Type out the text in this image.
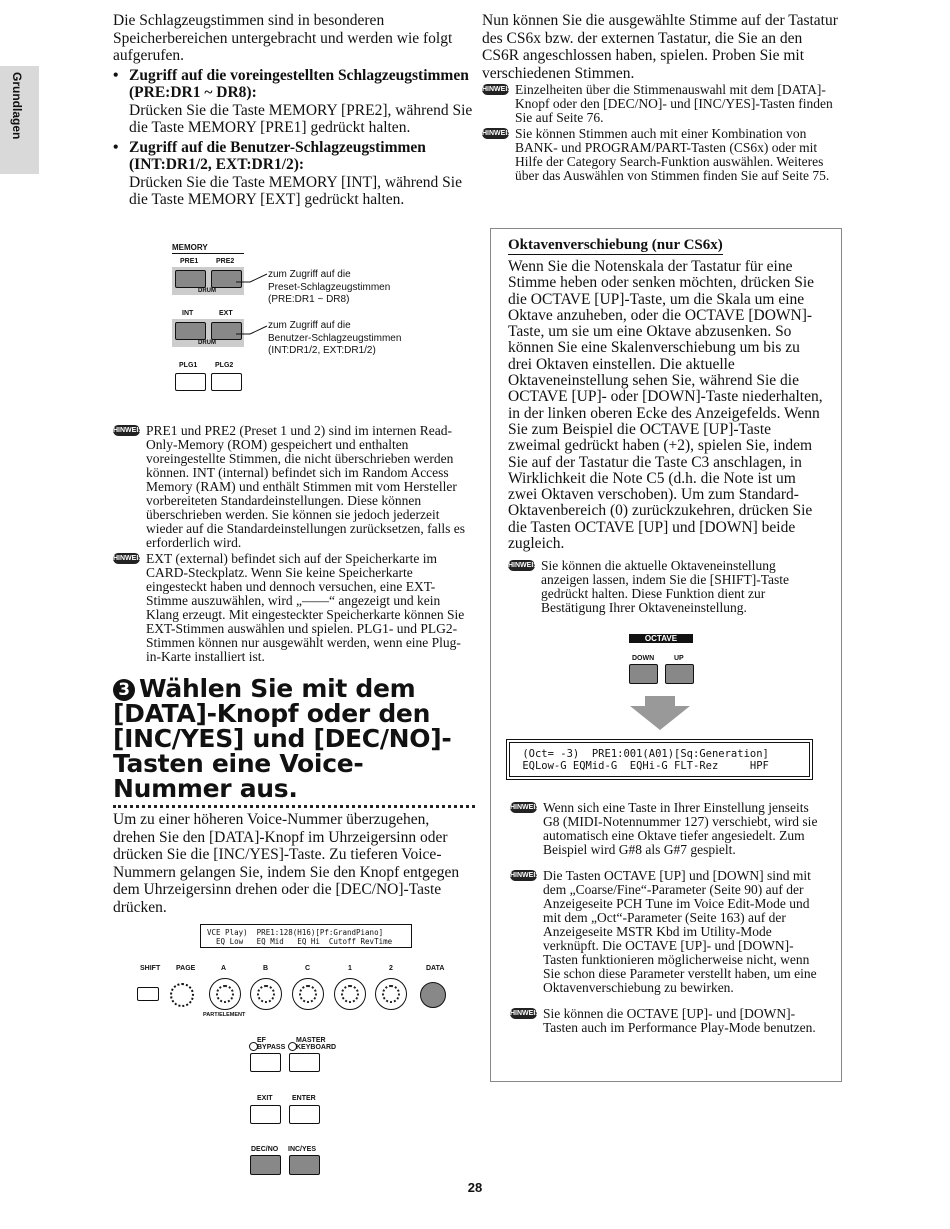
Grundlagen

Die Schlagzeugstimmen sind in besonderen Speicherbereichen untergebracht und werden wie folgt aufgerufen.

• Zugriff auf die voreingestellten Schlagzeugstimmen (PRE:DR1 ~ DR8):

Drücken Sie die Taste MEMORY [PRE2], während Sie die Taste MEMORY [PRE1] gedrückt halten.

• Zugriff auf die Benutzer-Schlagzeugstimmen (INT:DR1/2, EXT:DR1/2):

Drücken Sie die Taste MEMORY [INT], während Sie die Taste MEMORY [EXT] gedrückt halten.

MEMORY
PRE1	PRE2
DRUM
INT	EXT
DRUM
PLG1	PLG2
zum Zugriff auf die
Preset-Schlagzeugstimmen
(PRE:DR1 ~ DR8)
zum Zugriff auf die
Benutzer-Schlagzeugstimmen
(INT:DR1/2, EXT:DR1/2)
HINWEIS PRE1 und PRE2 (Preset 1 und 2) sind im internen Read-Only-Memory (ROM) gespeichert und enthalten voreingestellte Stimmen, die nicht überschrieben werden können. INT (internal) befindet sich im Random Access Memory (RAM) und enthält Stimmen mit vom Hersteller vorbereiteten Standardeinstellungen. Diese können überschrieben werden. Sie können sie jedoch jederzeit wieder auf die Standardeinstellungen zurücksetzen, falls es erforderlich wird.
HINWEIS EXT (external) befindet sich auf der Speicherkarte im CARD-Steckplatz. Wenn Sie keine Speicherkarte eingesteckt haben und dennoch versuchen, eine EXT-Stimme auszuwählen, wird „——“ angezeigt und kein Klang erzeugt. Mit eingesteckter Speicherkarte können Sie EXT-Stimmen auswählen und spielen. PLG1- und PLG2-Stimmen können nur ausgewählt werden, wenn eine Plug-in-Karte installiert ist.
3 Wählen Sie mit dem [DATA]-Knopf oder den [INC/YES] und [DEC/NO]-Tasten eine Voice-Nummer aus.

Um zu einer höheren Voice-Nummer überzugehen, drehen Sie den [DATA]-Knopf im Uhrzeigersinn oder drücken Sie die [INC/YES]-Taste. Zu tieferen Voice-Nummern gelangen Sie, indem Sie den Knopf entgegen dem Uhrzeigersinn drehen oder die [DEC/NO]-Taste drücken.

VCE Play)  PRE1:128(H16)[Pf:GrandPiano]
EQ Low   EQ Mid   EQ Hi  Cutoff RevTime
SHIFT PAGE	A	B	C	1	2	DATA
PART/ELEMENT
EF
BYPASS
MASTER
KEYBOARD
EXIT	ENTER
DEC/NO INC/YES

Nun können Sie die ausgewählte Stimme auf der Tastatur des CS6x bzw. der externen Tastatur, die Sie an den CS6R angeschlossen haben, spielen. Proben Sie mit verschiedenen Stimmen.

HINWEIS Einzelheiten über die Stimmenauswahl mit dem [DATA]-Knopf oder den [DEC/NO]- und [INC/YES]-Tasten finden Sie auf Seite 76.
HINWEIS Sie können Stimmen auch mit einer Kombination von BANK- und PROGRAM/PART-Tasten (CS6x) oder mit Hilfe der Category Search-Funktion auswählen. Weiteres über das Auswählen von Stimmen finden Sie auf Seite 75.
Oktavenverschiebung (nur CS6x)

Wenn Sie die Notenskala der Tastatur für eine Stimme heben oder senken möchten, drücken Sie die OCTAVE [UP]-Taste, um die Skala um eine Oktave anzuheben, oder die OCTAVE [DOWN]-Taste, um sie um eine Oktave abzusenken. So können Sie eine Skalenverschiebung um bis zu drei Oktaven einstellen. Die aktuelle Oktaveneinstellung sehen Sie, während Sie die OCTAVE [UP]- oder [DOWN]-Taste niederhalten, in der linken oberen Ecke des Anzeigefelds. Wenn Sie zum Beispiel die OCTAVE [UP]-Taste zweimal gedrückt haben (+2), spielen Sie, indem Sie auf der Tastatur die Taste C3 anschlagen, in Wirklichkeit die Note C5 (d.h. die Note ist um zwei Oktaven verschoben). Um zum Standard-Oktavenbereich (0) zurückzukehren, drücken Sie die Tasten OCTAVE [UP] und [DOWN] beide zugleich.

HINWEIS Sie können die aktuelle Oktaveneinstellung anzeigen lassen, indem Sie die [SHIFT]-Taste gedrückt halten. Diese Funktion dient zur Bestätigung Ihrer Oktaveneinstellung.
OCTAVE
DOWN	UP
(Oct= -3)  PRE1:001(A01)[Sq:Generation]
EQLow-G EQMid-G  EQHi-G FLT-Rez     HPF
HINWEIS Wenn sich eine Taste in Ihrer Einstellung jenseits G8 (MIDI-Notennummer 127) verschiebt, wird sie automatisch eine Oktave tiefer angesiedelt. Zum Beispiel wird G#8 als G#7 gespielt.
HINWEIS Die Tasten OCTAVE [UP] und [DOWN] sind mit dem „Coarse/Fine“-Parameter (Seite 90) auf der Anzeigeseite PCH Tune im Voice Edit-Mode und mit dem „Oct“-Parameter (Seite 163) auf der Anzeigeseite MSTR Kbd im Utility-Mode verknüpft. Die OCTAVE [UP]- und [DOWN]-Tasten funktionieren möglicherweise nicht, wenn Sie schon diese Parameter verstellt haben, um eine Oktavenverschiebung zu bewirken.
HINWEIS Sie können die OCTAVE [UP]- und [DOWN]-Tasten auch im Performance Play-Mode benutzen.
28
